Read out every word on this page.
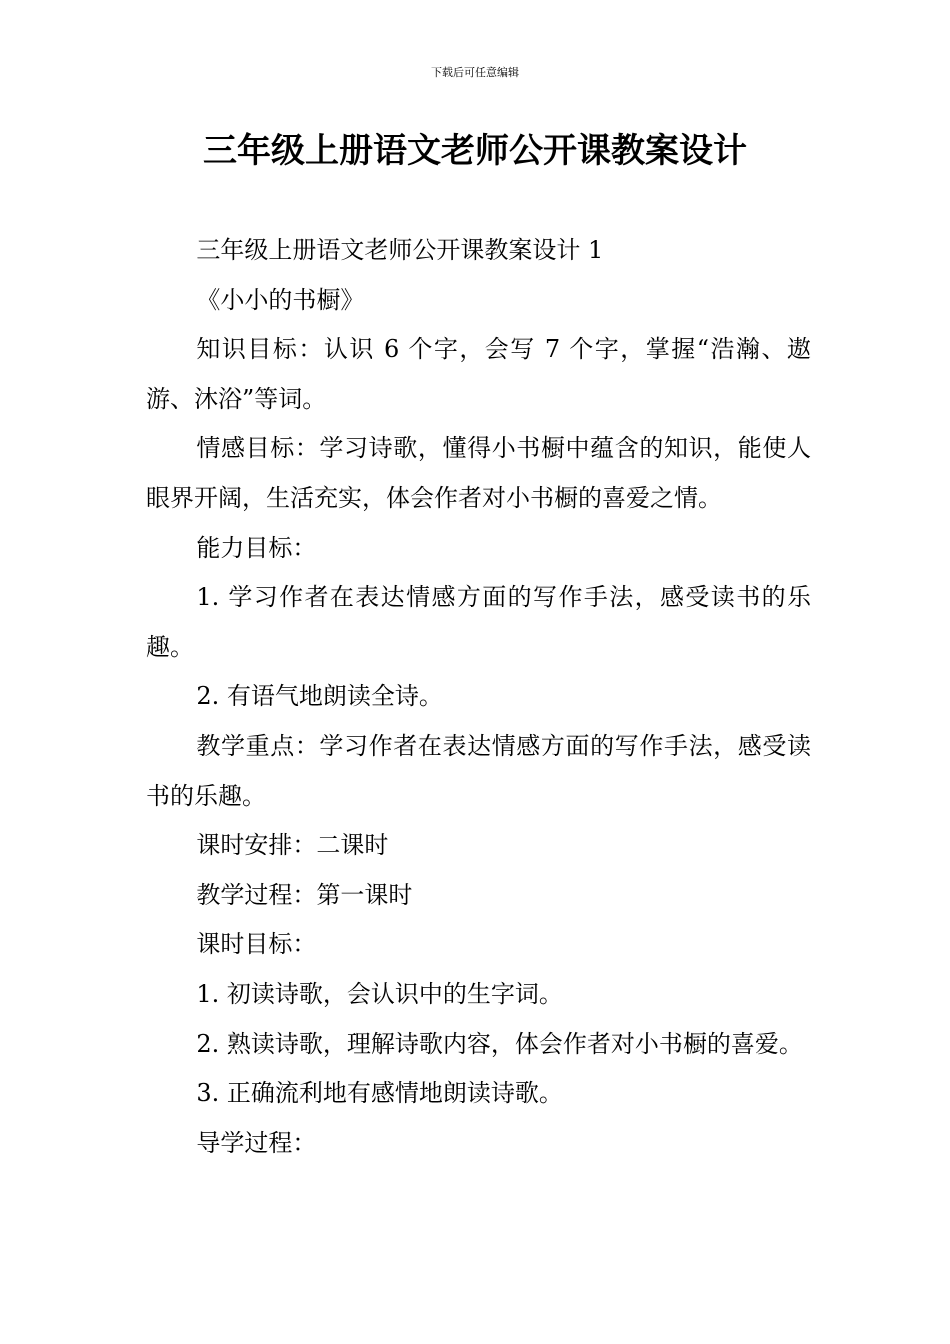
下载后可任意编辑
三年级上册语文老师公开课教案设计

三年级上册语文老师公开课教案设计 1

《小小的书橱》

知识目标：认识 6 个字，会写 7 个字，掌握“浩瀚、遨游、沐浴”等词。

情感目标：学习诗歌，懂得小书橱中蕴含的知识，能使人眼界开阔，生活充实，体会作者对小书橱的喜爱之情。

能力目标：

1. 学习作者在表达情感方面的写作手法，感受读书的乐趣。

2. 有语气地朗读全诗。

教学重点：学习作者在表达情感方面的写作手法，感受读书的乐趣。

课时安排：二课时

教学过程：第一课时

课时目标：

1. 初读诗歌，会认识中的生字词。

2. 熟读诗歌，理解诗歌内容，体会作者对小书橱的喜爱。

3. 正确流利地有感情地朗读诗歌。

导学过程：
